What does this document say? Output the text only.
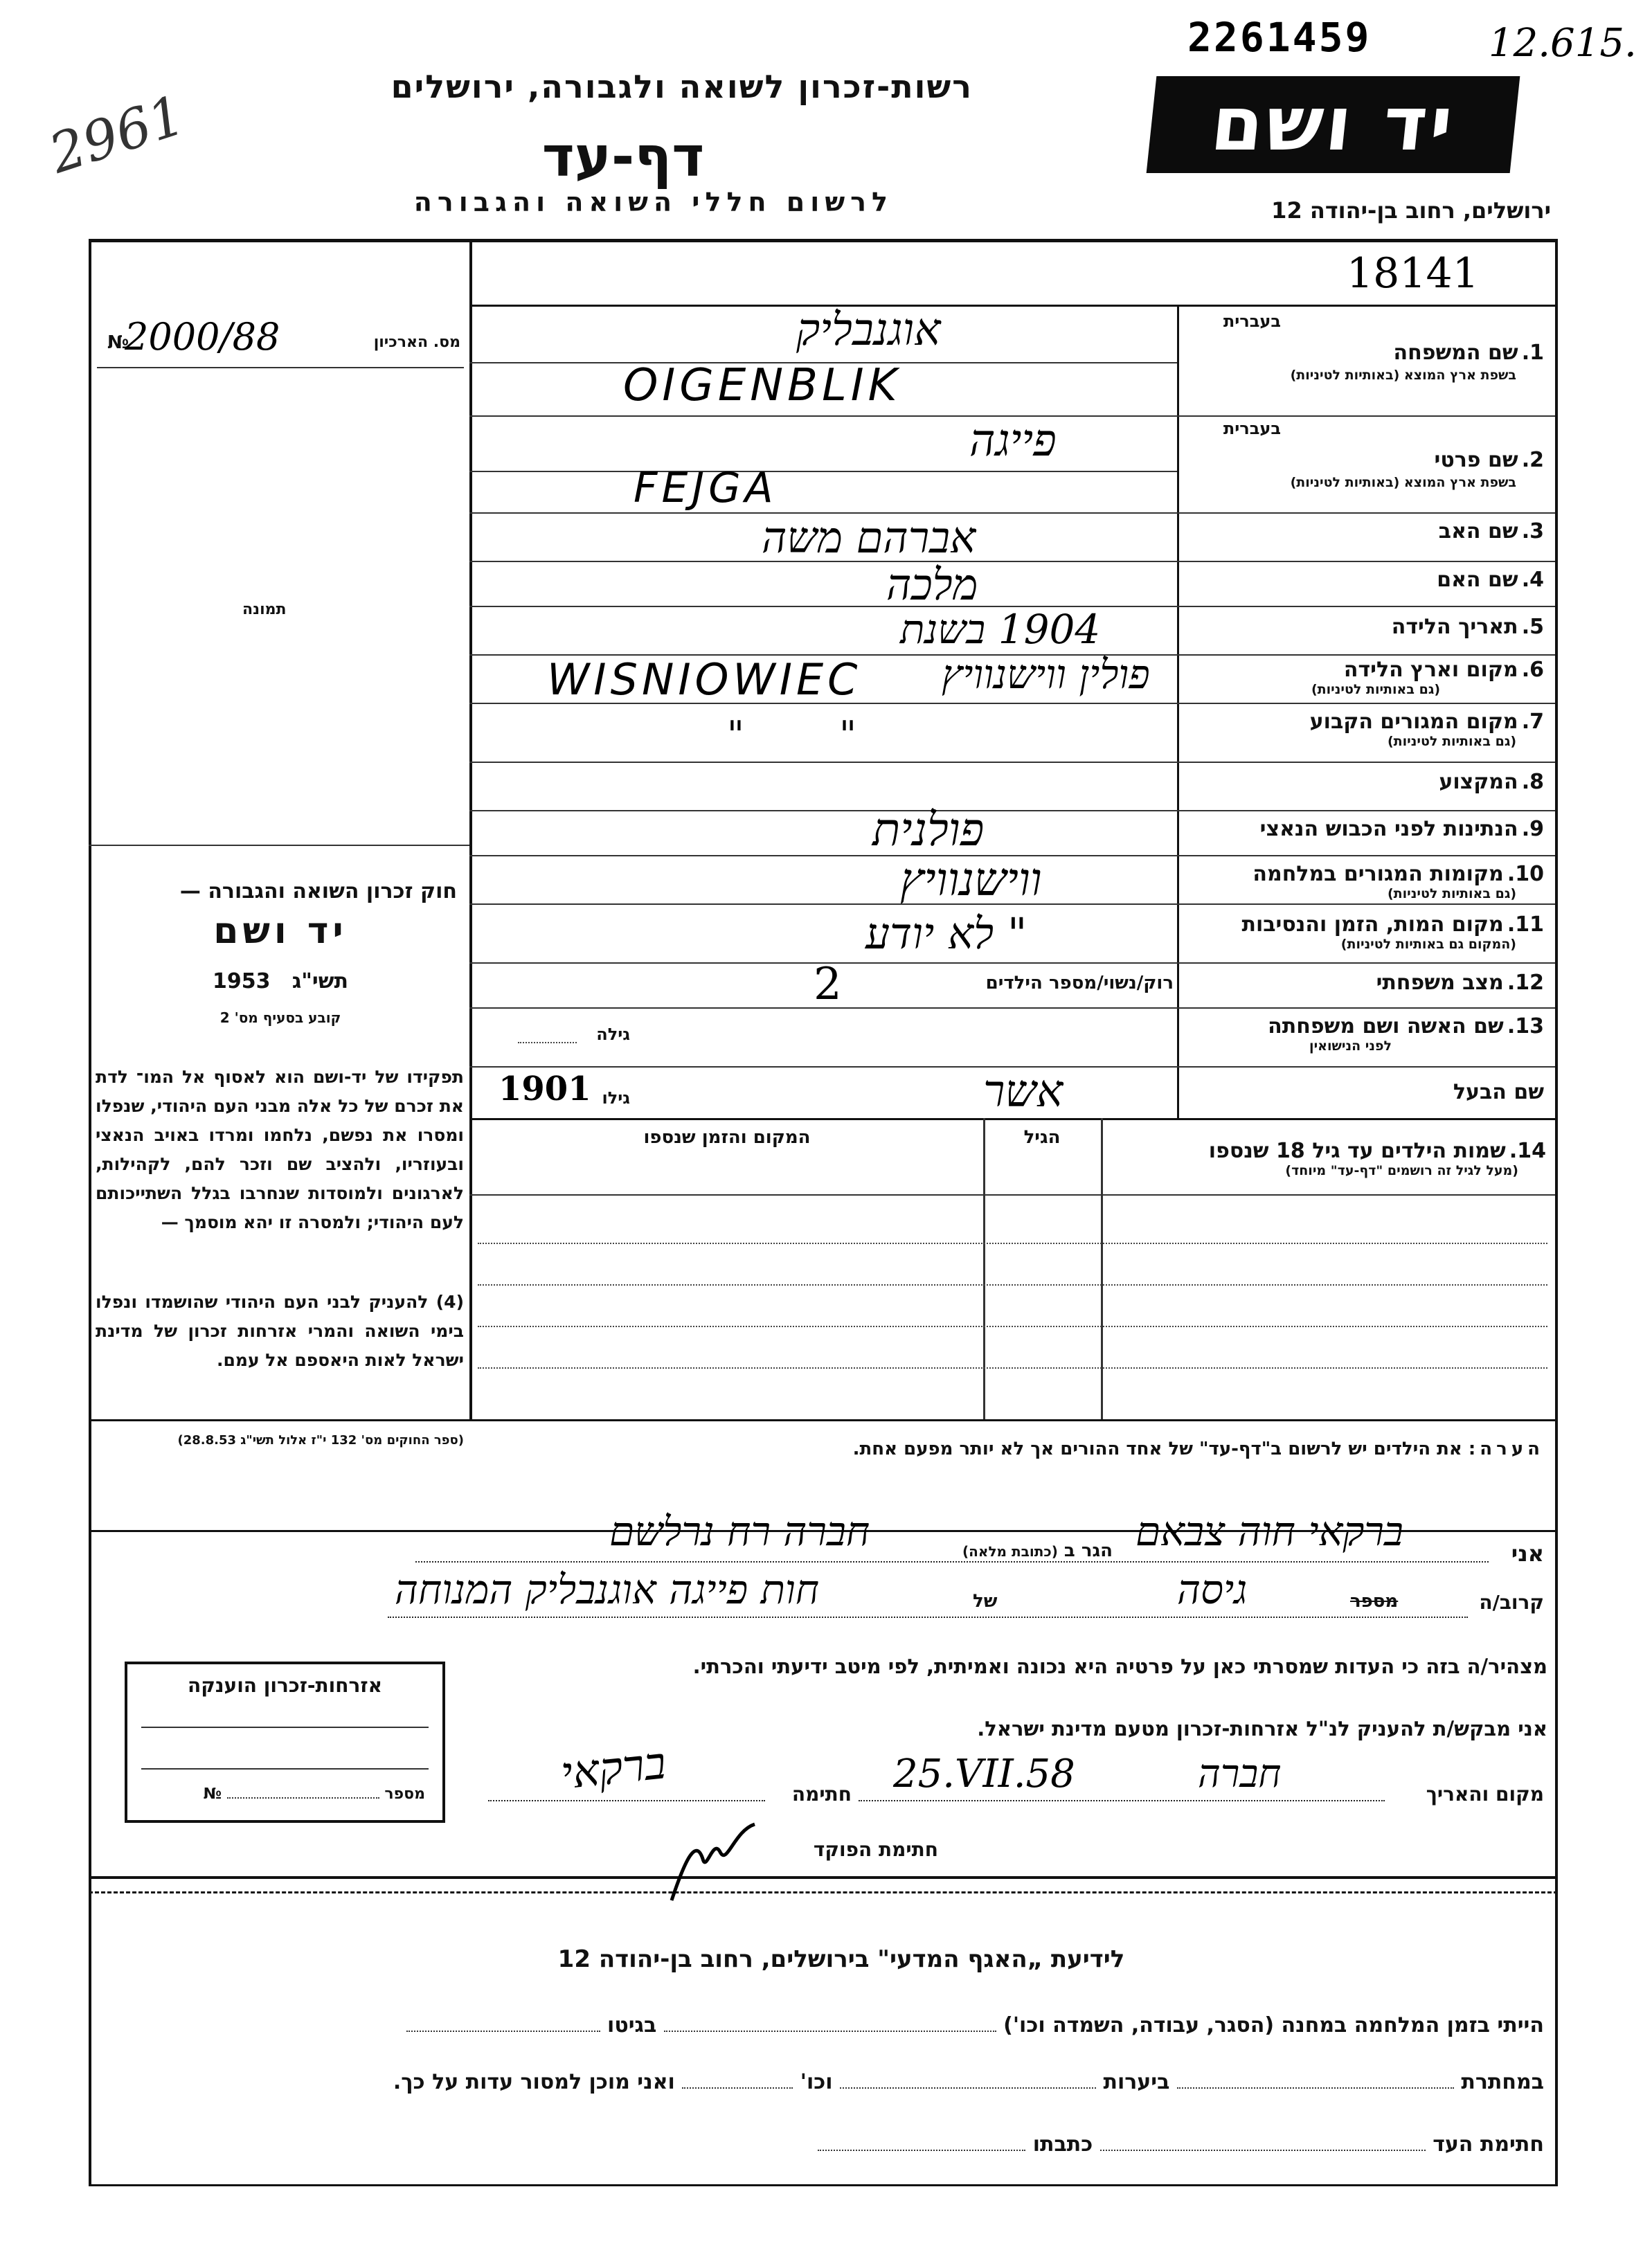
2261459	12.615.
2961	רשות-זכרון לשואה ולגבורה, ירושלים
דף-עד
לרשום חללי השואה והגבורה
יד ושם
ירושלים, רחוב בן-יהודה 12
18141
מס. הארכיון
№
2000/88
תמונה
חוק זכרון השואה והגבורה —
יד ושם
תשי"ג   1953
קובע בסעיף מס' 2
תפקידו של יד-ושם הוא לאסוף אל המו־ לדת את זכרם של כל אלה מבני העם היהודי, שנפלו ומסרו את נפשם, נלחמו ומרדו באויב הנאצי ובעוזריו, ולהציב שם וזכר להם, לקהילות, לארגונים ולמוסדות שנחרבו בגלל השתייכותם לעם היהודי; ולמסרה זו יהא מוסמך —
(4) להעניק לבני העם היהודי שהושמדו ונפלו בימי השואה והמרי אזרחות זכרון של מדינת ישראל לאות היאספם אל עמם.
(ספר החוקים מס' 132 י"ז אלול תשי"ג 28.8.53)
בעברית
1. שם המשפחה
בשפת ארץ המוצא (באותיות לטיניות)
אוגנבליק
OIGENBLIK
בעברית
2. שם פרטי
בשפת ארץ המוצא (באותיות לטיניות)
פייגה
FEJGA
3. שם האב
אברהם משה
4. שם האם
מלכה
5. תאריך הלידה
1904 בשנת
6. מקום וארץ הלידה
(גם באותיות לטיניות)
WISNIOWIEC פולין ווישנוויץ
7. מקום המגורים הקבוע
(גם באותיות לטיניות)
"        "
8. המקצוע
9. הנתינות לפני הכבוש הנאצי
פולנית
10. מקומות המגורים במלחמה
(גם באותיות לטיניות)
ווישנוויץ
11. מקום המות, הזמן והנסיבות
(המקום גם באותיות לטיניות)
" לא יודע
12. מצב משפחתי
רוק/נשוי/מספר הילדים
2
13. שם האשה ושם משפחתה
לפני הנישואין
גילה
שם הבעל
אשר
גילו
1901
14. שמות הילדים עד גיל 18 שנספו
(מעל לגיל זה רושמים "דף-עד" מיוחד)
הגיל
המקום והזמן שנספו
הערה: את הילדים יש לרשום ב"דף-עד" של אחד ההורים אך לא יותר מפעם אחת.
אני
ברקאי חוה צבאם
הגר ב (כתובת מלאה)
חברה רח נרלשם
קרוב/ה
מספר
גיסה
של
חות פייגה אוגנבליק המנוחה
מצהיר/ה בזה כי העדות שמסרתי כאן על פרטיה היא נכונה ואמיתית, לפי מיטב ידיעתי והכרתי.
אני מבקש/ת להעניק לנ"ל אזרחות-זכרון מטעם מדינת ישראל.
מקום והאריך
חברה
25.VII.58
חתימה
ברקאי
חתימת הפוקד
אזרחות-זכרון הוענקה
מספר  №
לידיעת „האגף המדעי" בירושלים, רחוב בן-יהודה 12
הייתי בזמן המלחמה במחנה (הסגר, עבודה, השמדה וכו')  בגיטו
במחתרת  ביערות  וכו'  ואני מוכן למסור עדות על כך.
חתימת העד  כתבתו
